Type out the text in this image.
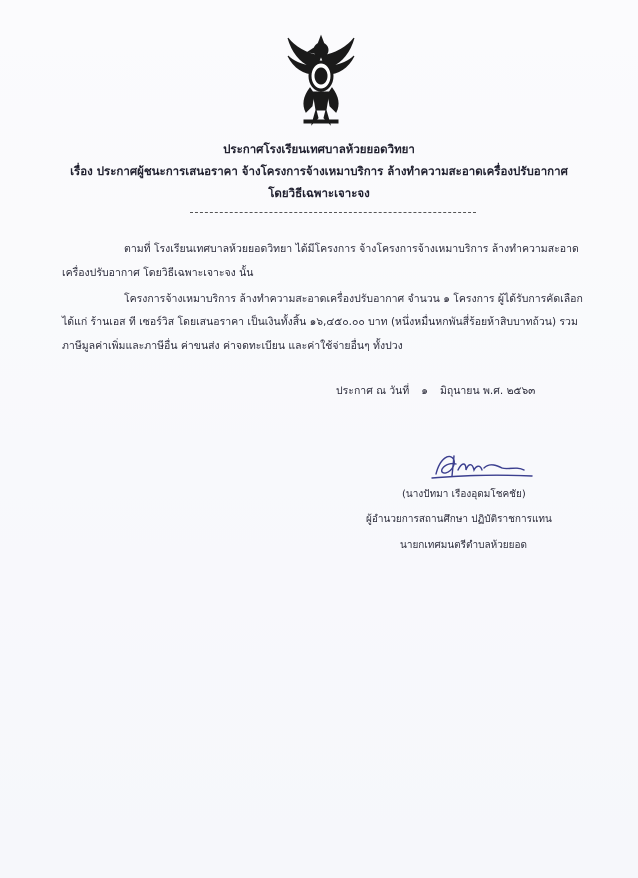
ประกาศโรงเรียนเทศบาลห้วยยอดวิทยา
เรื่อง ประกาศผู้ชนะการเสนอราคา จ้างโครงการจ้างเหมาบริการ ล้างทำความสะอาดเครื่องปรับอากาศ
โดยวิธีเฉพาะเจาะจง
ตามที่ โรงเรียนเทศบาลห้วยยอดวิทยา ได้มีโครงการ จ้างโครงการจ้างเหมาบริการ ล้างทำความสะอาด
เครื่องปรับอากาศ โดยวิธีเฉพาะเจาะจง นั้น
โครงการจ้างเหมาบริการ ล้างทำความสะอาดเครื่องปรับอากาศ จำนวน ๑ โครงการ ผู้ได้รับการคัดเลือก
ได้แก่ ร้านเอส ที เซอร์วิส โดยเสนอราคา เป็นเงินทั้งสิ้น ๑๖,๔๕๐.๐๐ บาท (หนึ่งหมื่นหกพันสี่ร้อยห้าสิบบาทถ้วน) รวม
ภาษีมูลค่าเพิ่มและภาษีอื่น ค่าขนส่ง ค่าจดทะเบียน และค่าใช้จ่ายอื่นๆ ทั้งปวง
ประกาศ ณ วันที่ ๑ มิถุนายน พ.ศ. ๒๕๖๓
(นางปัทมา เรืองอุดมโชคชัย)
ผู้อำนวยการสถานศึกษา ปฏิบัติราชการแทน
นายกเทศมนตรีตำบลห้วยยอด
